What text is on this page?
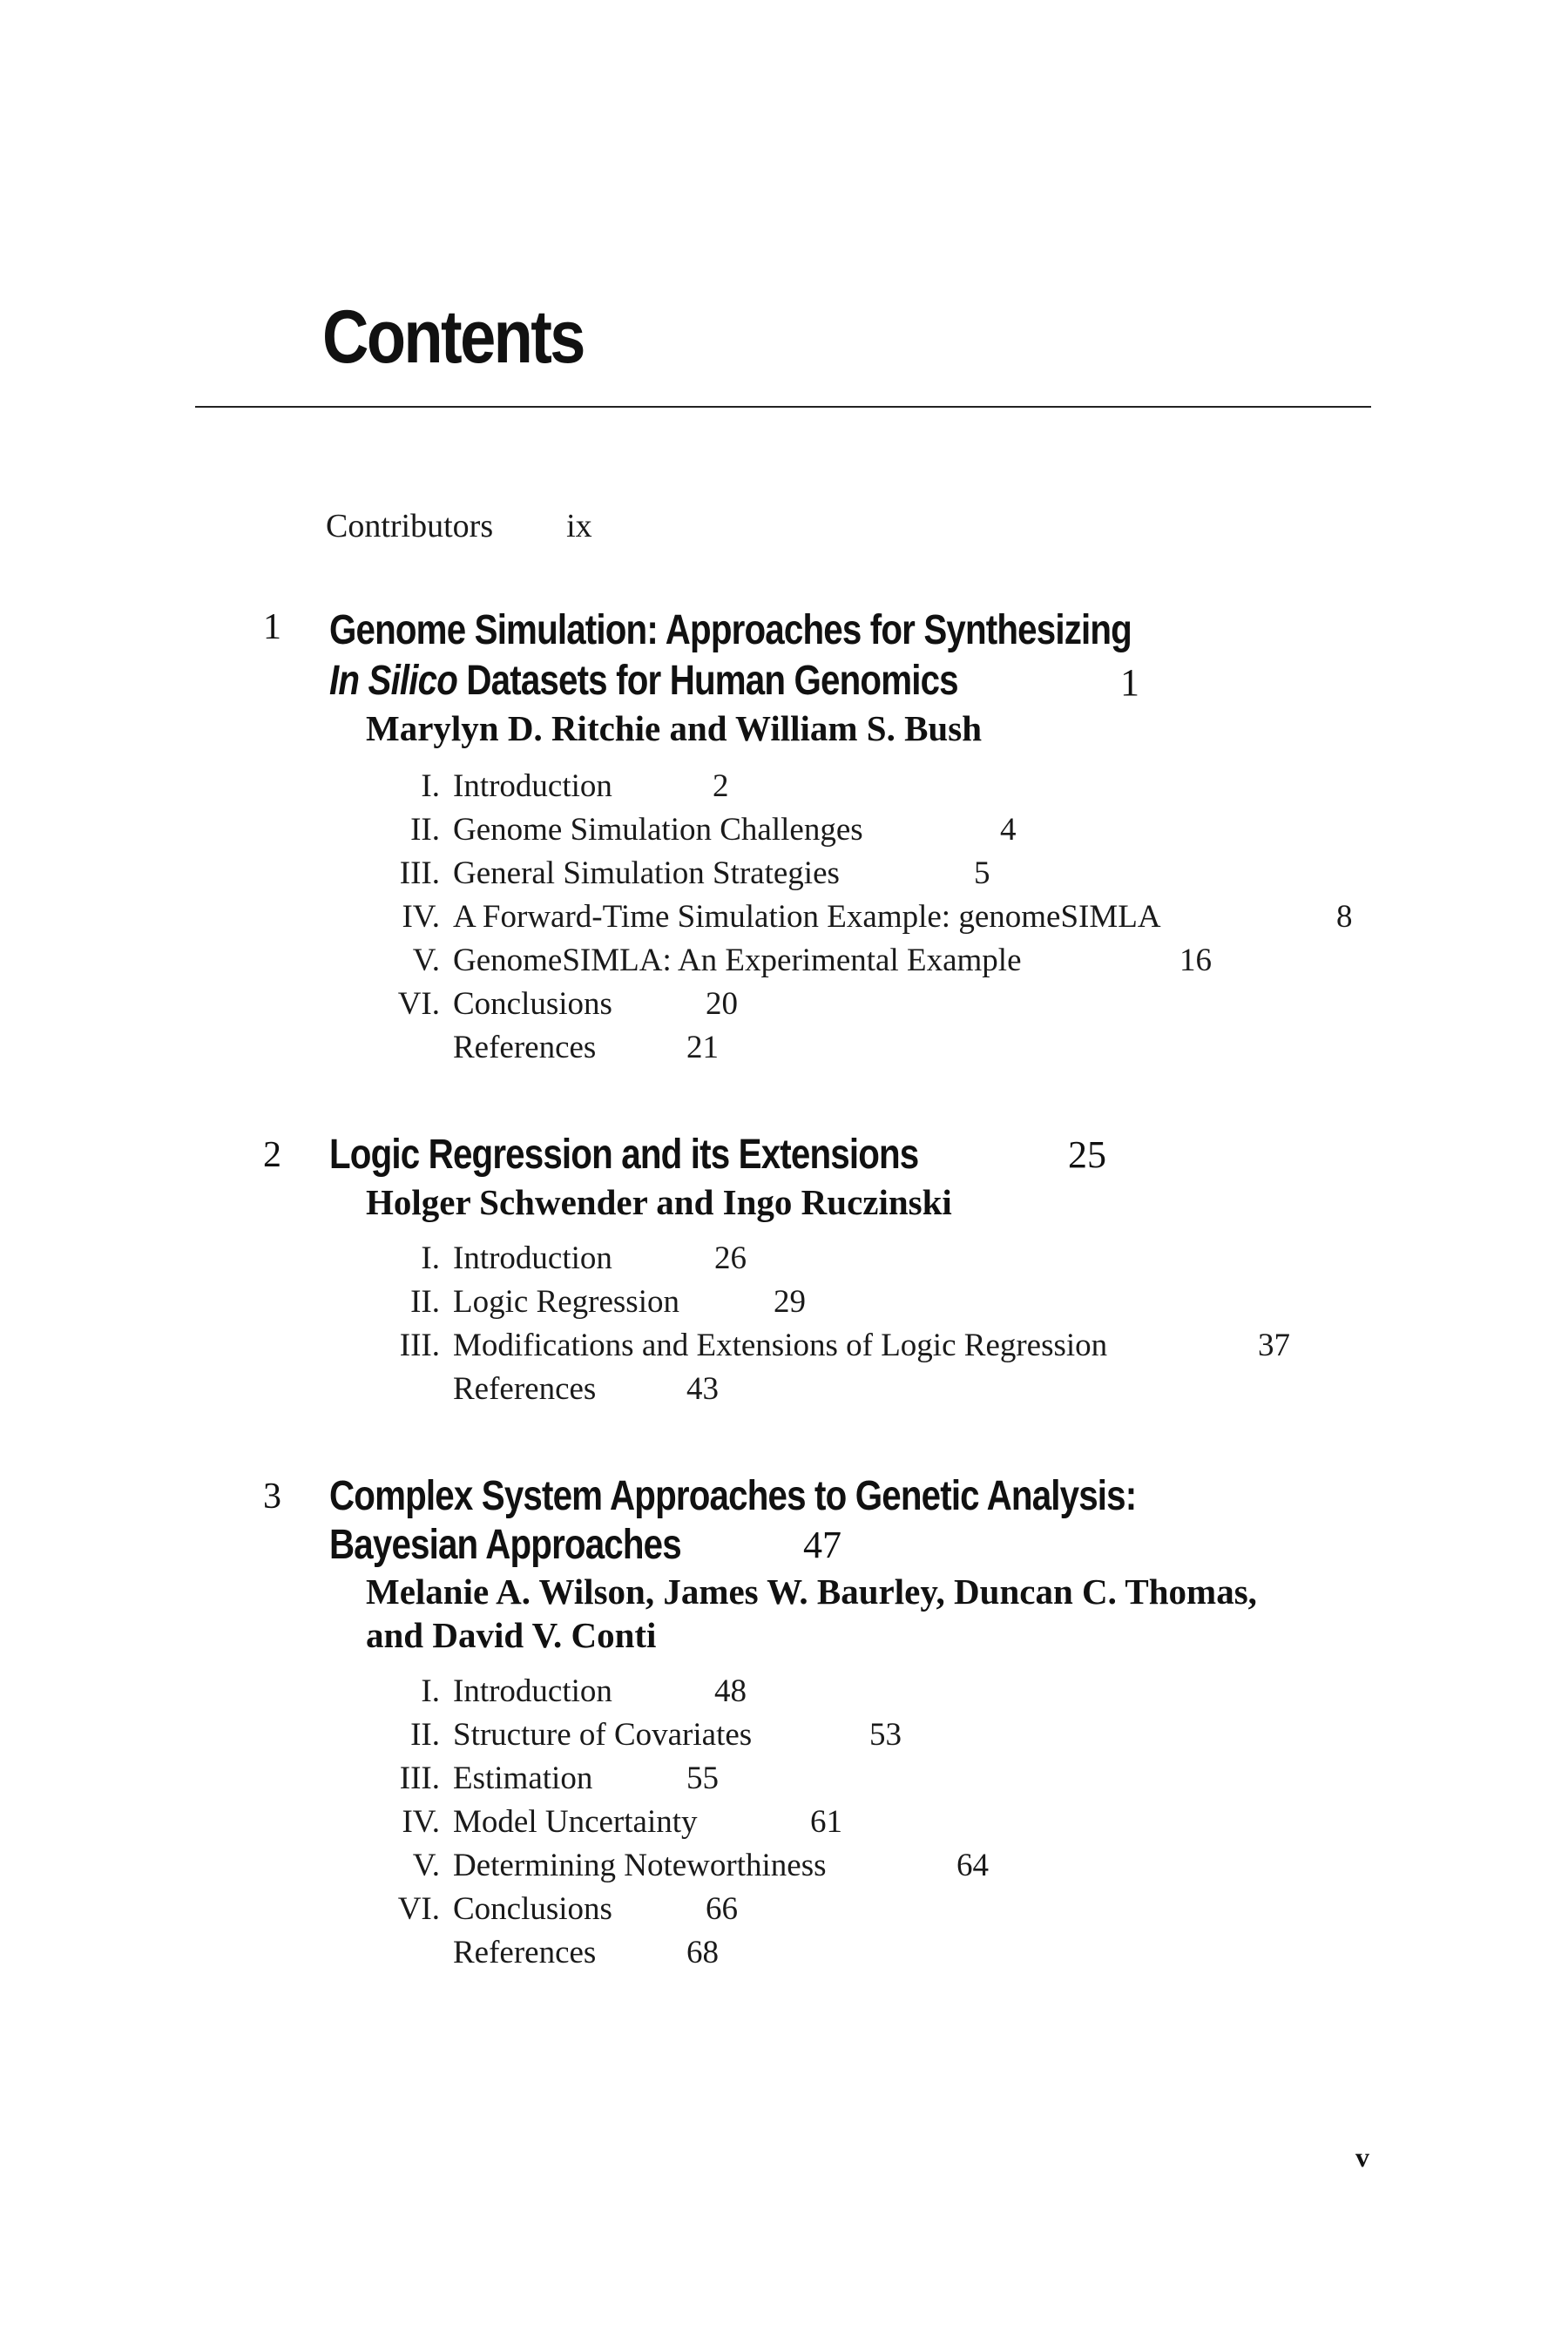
Contents
Contributors ix
1 Genome Simulation: Approaches for Synthesizing
In Silico Datasets for Human Genomics	1
Marylyn D. Ritchie and William S. Bush
I. Introduction	2
II. Genome Simulation Challenges	4
III. General Simulation Strategies	5
IV. A Forward-Time Simulation Example: genomeSIMLA	8
V. GenomeSIMLA: An Experimental Example	16
VI. Conclusions	20
References	21
2 Logic Regression and its Extensions	25
Holger Schwender and Ingo Ruczinski
I. Introduction	26
II. Logic Regression	29
III. Modifications and Extensions of Logic Regression	37
References	43
3 Complex System Approaches to Genetic Analysis:
Bayesian Approaches	47
Melanie A. Wilson, James W. Baurley, Duncan C. Thomas,
and David V. Conti
I. Introduction	48
II. Structure of Covariates	53
III. Estimation	55
IV. Model Uncertainty	61
V. Determining Noteworthiness	64
VI. Conclusions	66
References	68
v
